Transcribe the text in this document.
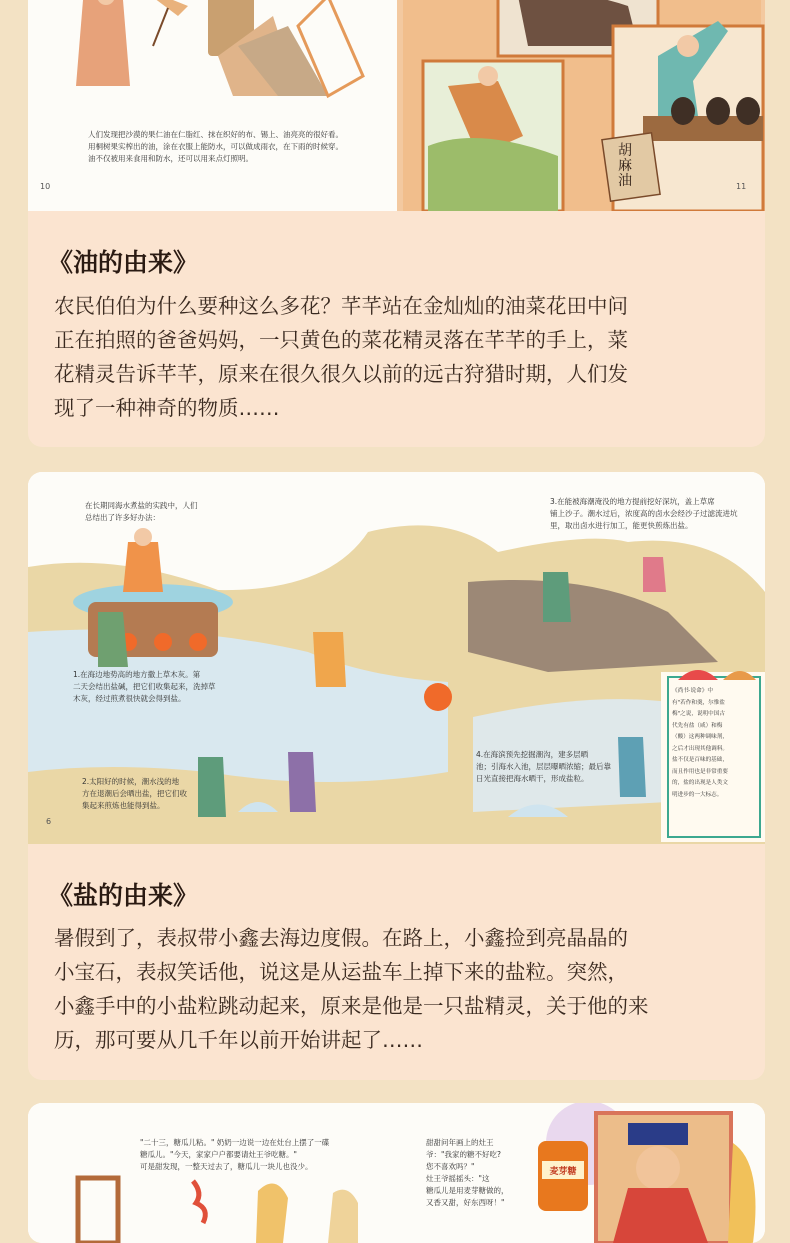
人们发现把沙漠的果仁油在仁脂红、抹在织好的布、锡上、油亮亮的很好看。
用桐树果实榨出的油，涂在衣服上能防水，可以做成雨衣，在下雨的时候穿。
油不仅被用来食用和防水，还可以用来点灯照明。
10	11
胡麻油
《油的由来》
农民伯伯为什么要种这么多花？芊芊站在金灿灿的油菜花田中问
正在拍照的爸爸妈妈，一只黄色的菜花精灵落在芊芊的手上，菜
花精灵告诉芊芊，原来在很久很久以前的远古狩猎时期，人们发
现了一种神奇的物质……
在长期同海水煮盐的实践中，人们
总结出了许多好办法：
3.在能被海潮淹没的地方提前挖好深坑，盖上草席
铺上沙子。潮水过后，浓度高的卤水会经沙子过滤流进坑
里，取出卤水进行加工，能更快煎炼出盐。
1.在海边地势高的地方撒上草木灰。第
二天会结出盐碱，把它们收集起来，洗掉草
木灰，经过煎煮很快就会得到盐。
2.太阳好的时候，潮水浅的地
方在退潮后会晒出盐，把它们收
集起来煎炼也能得到盐。
4.在海滨预先挖掘潮沟，建多层晒
池；引海水入池，层层曝晒浓缩；最后靠
日光直接把海水晒干，形成盐粒。
《尚书·说命》中
有"若作和羹，尔惟盐
梅"之说，说明中国古
代先有盐（咸）和梅
（酸）这两种调味剂，
之后才出现其他调料。
盐不仅是百味的基础，
而且作用也是非常重要
的，盐的出现是人类文
明进步的一大标志。
6
《盐的由来》
暑假到了，表叔带小鑫去海边度假。在路上，小鑫捡到亮晶晶的
小宝石，表叔笑话他，说这是从运盐车上掉下来的盐粒。突然，
小鑫手中的小盐粒跳动起来，原来是他是一只盐精灵，关于他的来
历，那可要从几千年以前开始讲起了……
"二十三，糖瓜儿粘。" 奶奶一边说一边在灶台上摆了一碟
糖瓜儿。"今天，家家户户都要请灶王爷吃糖。"
可是甜发现，一整天过去了，糖瓜儿一块儿也没少。
甜甜问年画上的灶王
爷："我家的糖不好吃?
您不喜欢吗？"
灶王爷摇摇头："这
糖瓜儿是用麦芽糖做的，
又香又甜，好东西呀！"
麦芽糖
